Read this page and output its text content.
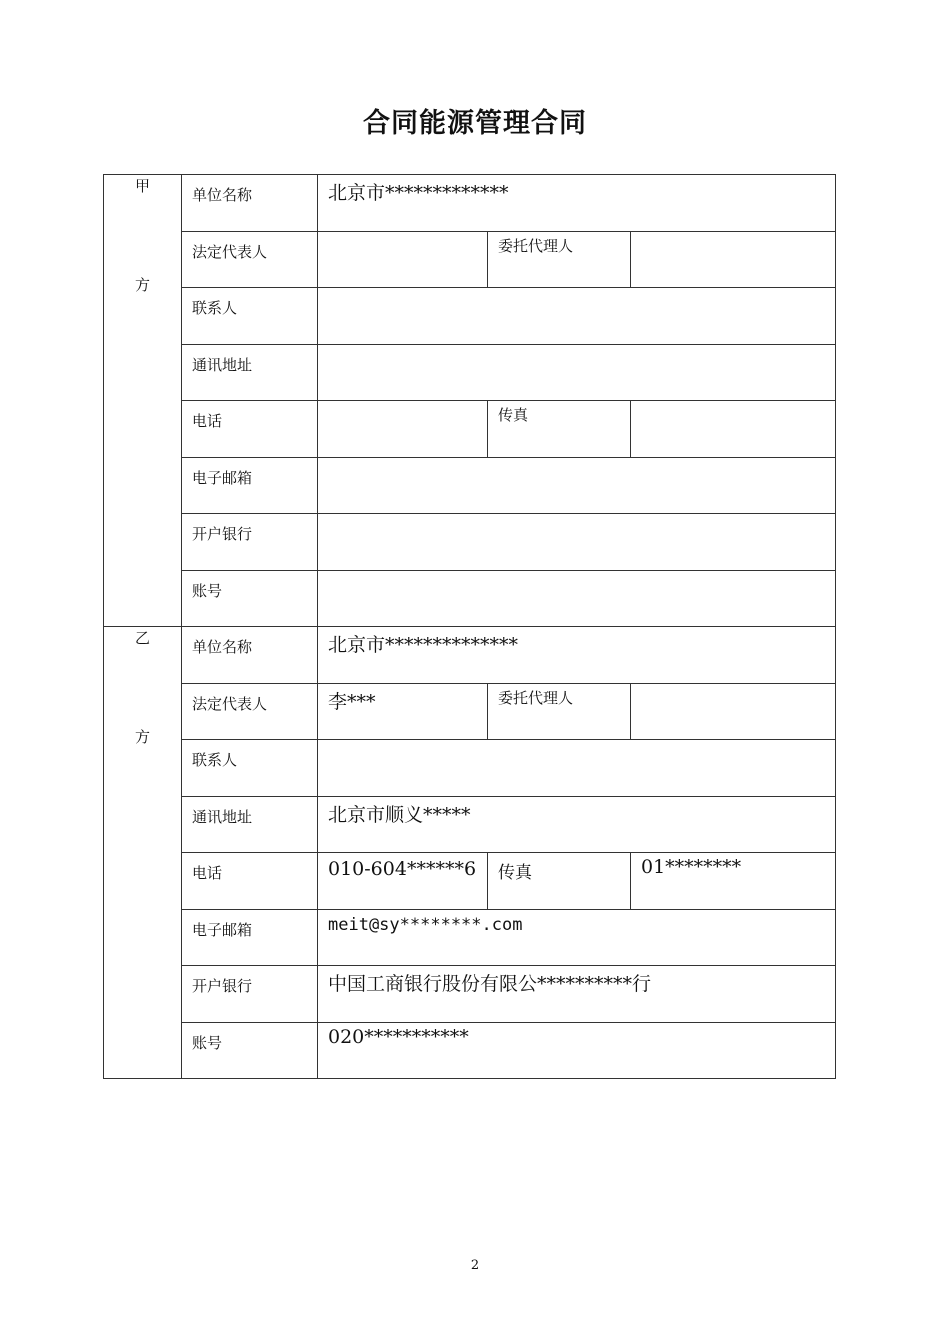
合同能源管理合同
甲
方	单位名称	北京市*************		
	法定代表人		委托代理人	
	联系人			
	通讯地址			
	电话		传真	
	电子邮箱			
	开户银行			
	账号			

乙
方	单位名称	北京市**************		
	法定代表人	李***	委托代理人	
	联系人			
	通讯地址	北京市顺义*****		
	电话	010-604******6	传真	01********
	电子邮箱	meit@sy********.com		
	开户银行	中国工商银行股份有限公**********行		
	账号	020***********		
2
